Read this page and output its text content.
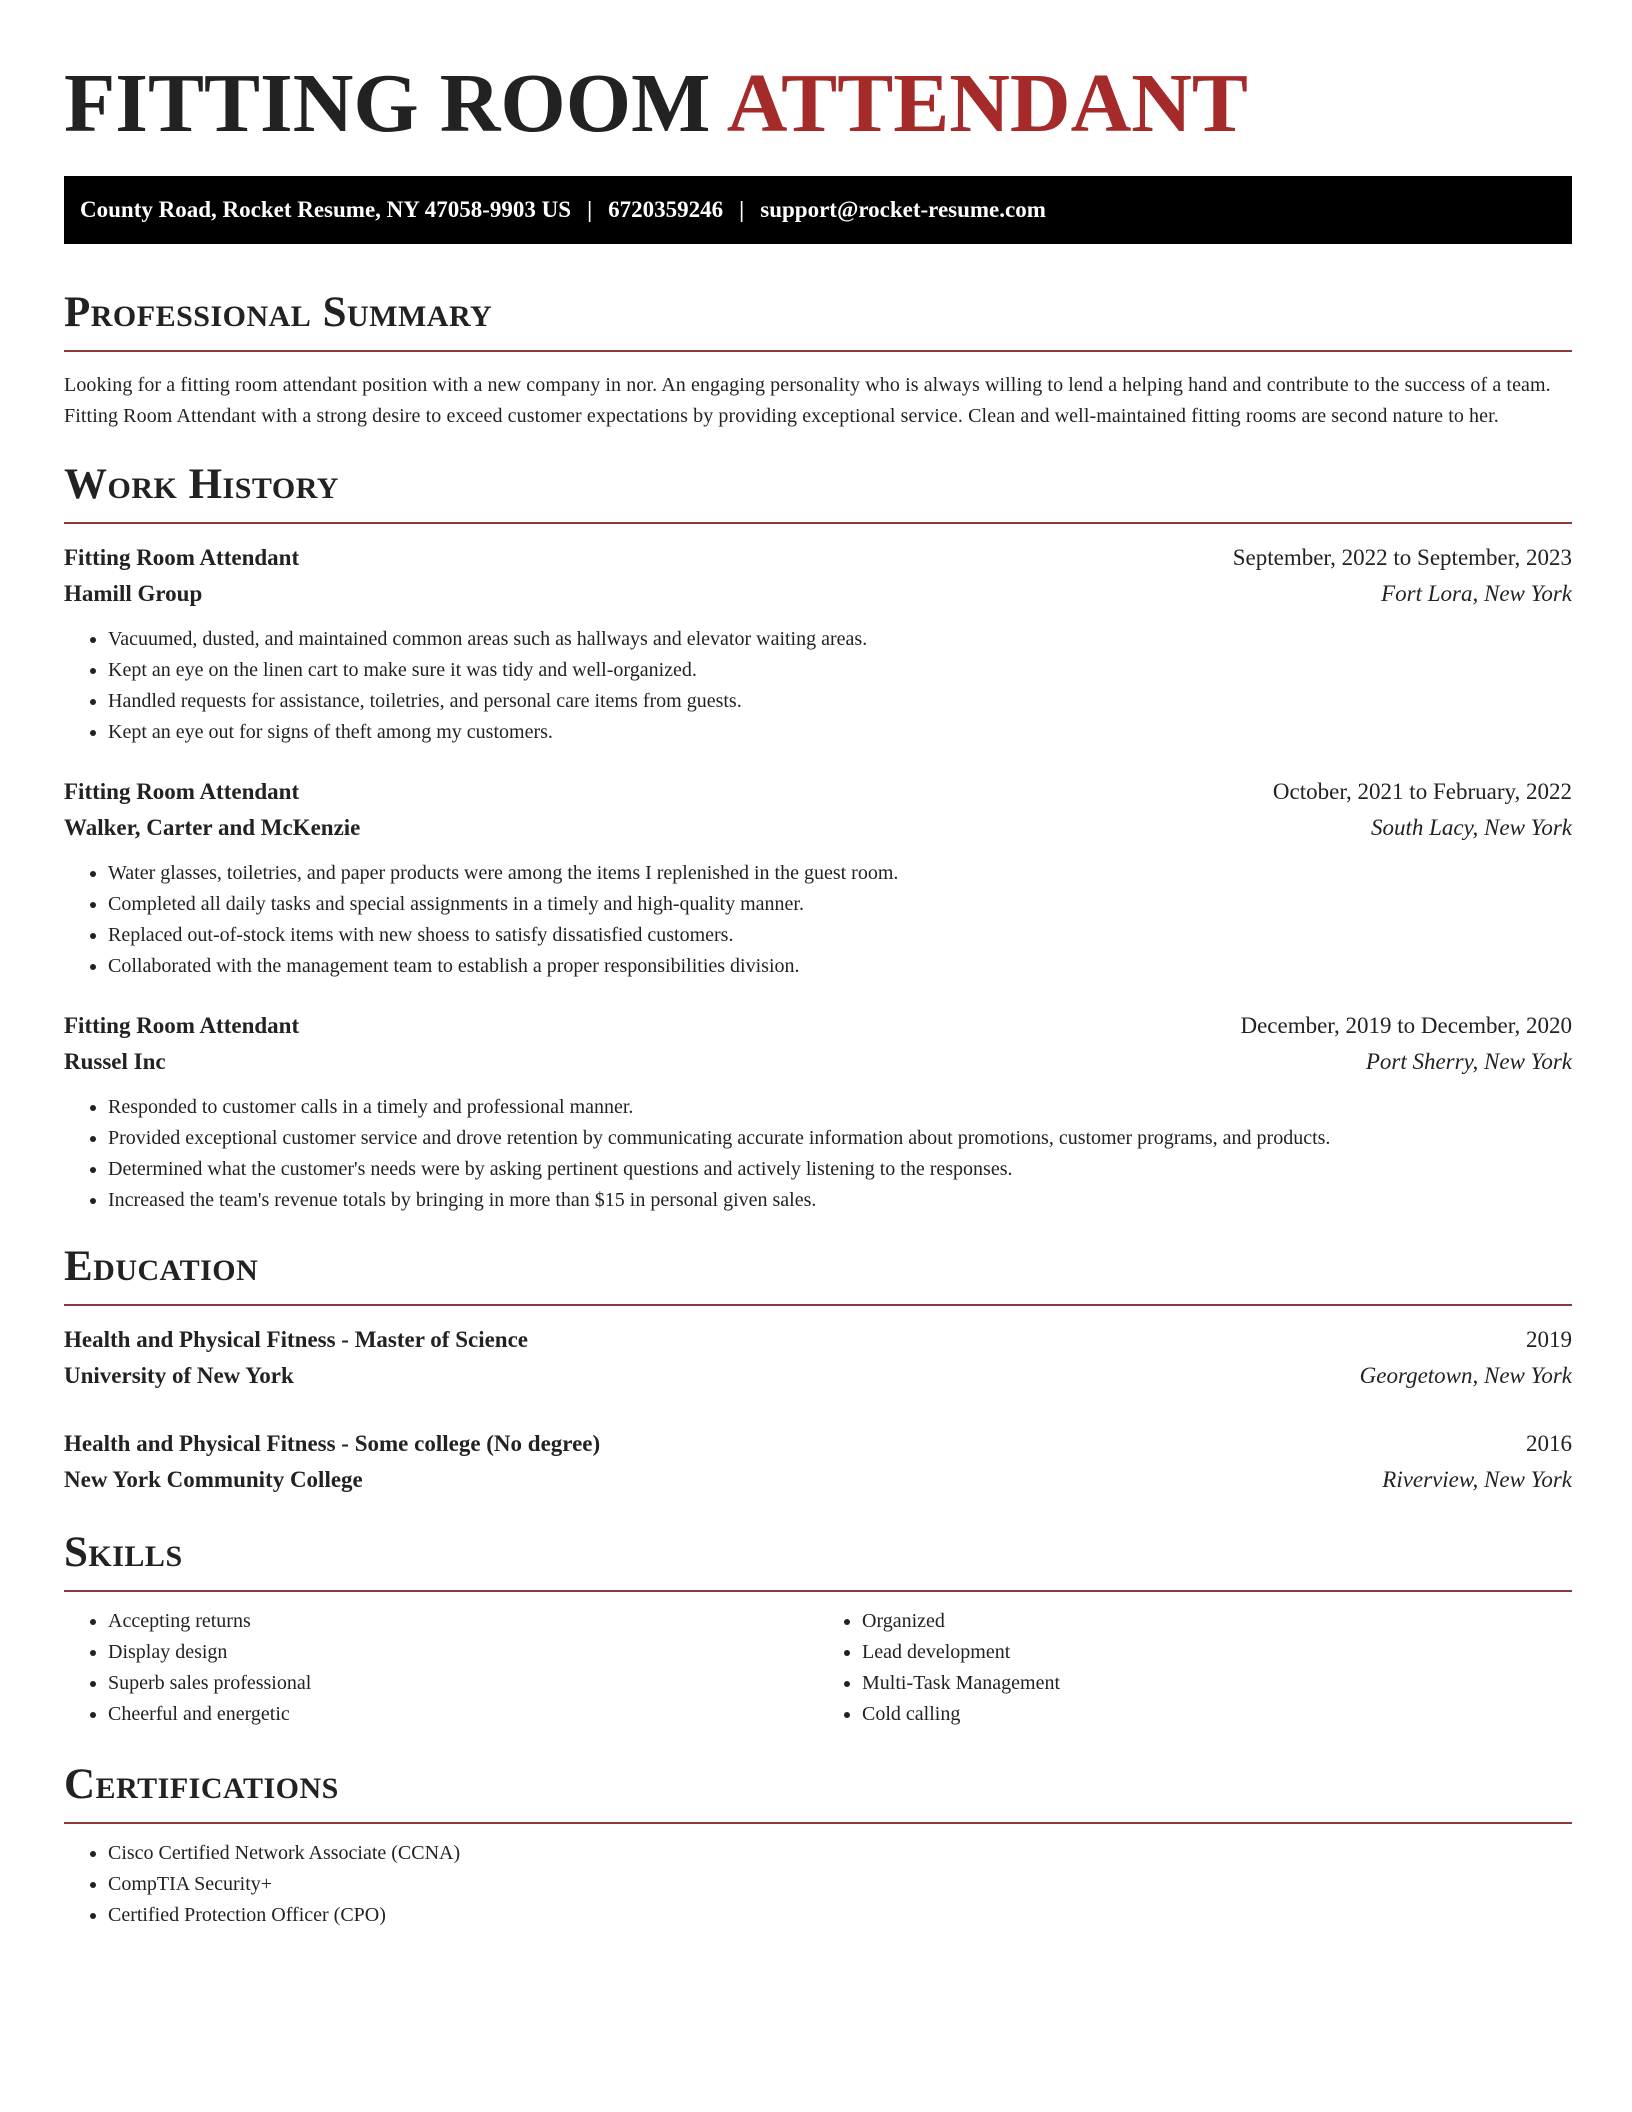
FITTING ROOM ATTENDANT
County Road, Rocket Resume, NY 47058-9903 US | 6720359246 | support@rocket-resume.com
Professional Summary

Looking for a fitting room attendant position with a new company in nor. An engaging personality who is always willing to lend a helping hand and contribute to the success of a team. Fitting Room Attendant with a strong desire to exceed customer expectations by providing exceptional service. Clean and well-maintained fitting rooms are second nature to her.

Work History
Fitting Room Attendant	September, 2022 to September, 2023
Hamill Group	Fort Lora, New York
• Vacuumed, dusted, and maintained common areas such as hallways and elevator waiting areas.
• Kept an eye on the linen cart to make sure it was tidy and well-organized.
• Handled requests for assistance, toiletries, and personal care items from guests.
• Kept an eye out for signs of theft among my customers.
Fitting Room Attendant	October, 2021 to February, 2022
Walker, Carter and McKenzie	South Lacy, New York
• Water glasses, toiletries, and paper products were among the items I replenished in the guest room.
• Completed all daily tasks and special assignments in a timely and high-quality manner.
• Replaced out-of-stock items with new shoess to satisfy dissatisfied customers.
• Collaborated with the management team to establish a proper responsibilities division.
Fitting Room Attendant	December, 2019 to December, 2020
Russel Inc	Port Sherry, New York
• Responded to customer calls in a timely and professional manner.
• Provided exceptional customer service and drove retention by communicating accurate information about promotions, customer programs, and products.
• Determined what the customer's needs were by asking pertinent questions and actively listening to the responses.
• Increased the team's revenue totals by bringing in more than $15 in personal given sales.
Education
Health and Physical Fitness - Master of Science	2019
University of New York	Georgetown, New York
Health and Physical Fitness - Some college (No degree)	2016
New York Community College	Riverview, New York
Skills
• Accepting returns
• Display design
• Superb sales professional
• Cheerful and energetic
• Organized
• Lead development
• Multi-Task Management
• Cold calling
Certifications
• Cisco Certified Network Associate (CCNA)
• CompTIA Security+
• Certified Protection Officer (CPO)
